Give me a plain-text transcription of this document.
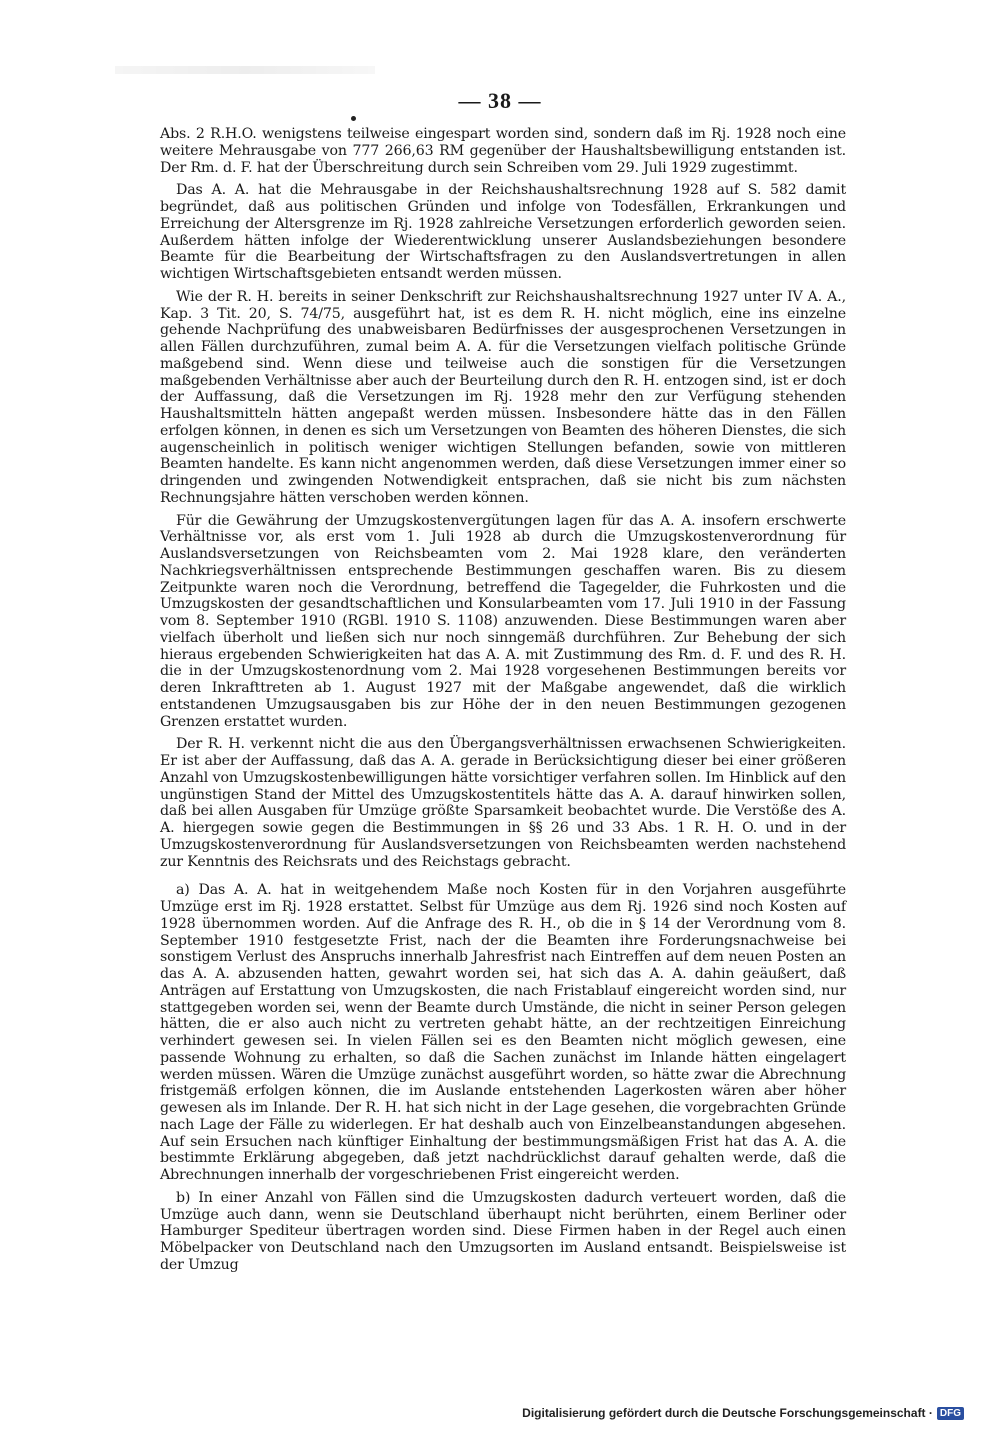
— 38 —

Abs. 2 R.H.O. wenigstens teilweise eingespart worden sind, sondern daß im Rj. 1928 noch eine weitere Mehrausgabe von 777 266,63 RM gegenüber der Haushaltsbewilligung entstanden ist. Der Rm. d. F. hat der Überschreitung durch sein Schreiben vom 29. Juli 1929 zugestimmt.

Das A. A. hat die Mehrausgabe in der Reichshaushaltsrechnung 1928 auf S. 582 damit begründet, daß aus politischen Gründen und infolge von Todesfällen, Erkrankungen und Erreichung der Altersgrenze im Rj. 1928 zahlreiche Versetzungen erforderlich geworden seien. Außerdem hätten infolge der Wiederentwicklung unserer Auslandsbeziehungen besondere Beamte für die Bearbeitung der Wirtschaftsfragen zu den Auslandsvertretungen in allen wichtigen Wirtschaftsgebieten entsandt werden müssen.

Wie der R. H. bereits in seiner Denkschrift zur Reichshaushaltsrechnung 1927 unter IV A. A., Kap. 3 Tit. 20, S. 74/75, ausgeführt hat, ist es dem R. H. nicht möglich, eine ins einzelne gehende Nachprüfung des unabweisbaren Bedürfnisses der ausgesprochenen Versetzungen in allen Fällen durchzuführen, zumal beim A. A. für die Versetzungen vielfach politische Gründe maßgebend sind. Wenn diese und teilweise auch die sonstigen für die Versetzungen maßgebenden Verhältnisse aber auch der Beurteilung durch den R. H. entzogen sind, ist er doch der Auffassung, daß die Versetzungen im Rj. 1928 mehr den zur Verfügung stehenden Haushaltsmitteln hätten angepaßt werden müssen. Insbesondere hätte das in den Fällen erfolgen können, in denen es sich um Versetzungen von Beamten des höheren Dienstes, die sich augenscheinlich in politisch weniger wichtigen Stellungen befanden, sowie von mittleren Beamten handelte. Es kann nicht angenommen werden, daß diese Versetzungen immer einer so dringenden und zwingenden Notwendigkeit entsprachen, daß sie nicht bis zum nächsten Rechnungsjahre hätten verschoben werden können.

Für die Gewährung der Umzugskostenvergütungen lagen für das A. A. insofern erschwerte Verhältnisse vor, als erst vom 1. Juli 1928 ab durch die Umzugskostenverordnung für Auslandsversetzungen von Reichsbeamten vom 2. Mai 1928 klare, den veränderten Nachkriegsverhältnissen entsprechende Bestimmungen geschaffen waren. Bis zu diesem Zeitpunkte waren noch die Verordnung, betreffend die Tagegelder, die Fuhrkosten und die Umzugskosten der gesandtschaftlichen und Konsularbeamten vom 17. Juli 1910 in der Fassung vom 8. September 1910 (RGBl. 1910 S. 1108) anzuwenden. Diese Bestimmungen waren aber vielfach überholt und ließen sich nur noch sinngemäß durchführen. Zur Behebung der sich hieraus ergebenden Schwierigkeiten hat das A. A. mit Zustimmung des Rm. d. F. und des R. H. die in der Umzugskostenordnung vom 2. Mai 1928 vorgesehenen Bestimmungen bereits vor deren Inkrafttreten ab 1. August 1927 mit der Maßgabe angewendet, daß die wirklich entstandenen Umzugsausgaben bis zur Höhe der in den neuen Bestimmungen gezogenen Grenzen erstattet wurden.

Der R. H. verkennt nicht die aus den Übergangsverhältnissen erwachsenen Schwierigkeiten. Er ist aber der Auffassung, daß das A. A. gerade in Berücksichtigung dieser bei einer größeren Anzahl von Umzugskostenbewilligungen hätte vorsichtiger verfahren sollen. Im Hinblick auf den ungünstigen Stand der Mittel des Umzugskostentitels hätte das A. A. darauf hinwirken sollen, daß bei allen Ausgaben für Umzüge größte Sparsamkeit beobachtet wurde. Die Verstöße des A. A. hiergegen sowie gegen die Bestimmungen in §§ 26 und 33 Abs. 1 R. H. O. und in der Umzugskostenverordnung für Auslandsversetzungen von Reichsbeamten werden nachstehend zur Kenntnis des Reichsrats und des Reichstags gebracht.

a) Das A. A. hat in weitgehendem Maße noch Kosten für in den Vorjahren ausgeführte Umzüge erst im Rj. 1928 erstattet. Selbst für Umzüge aus dem Rj. 1926 sind noch Kosten auf 1928 übernommen worden. Auf die Anfrage des R. H., ob die in § 14 der Verordnung vom 8. September 1910 festgesetzte Frist, nach der die Beamten ihre Forderungsnachweise bei sonstigem Verlust des Anspruchs innerhalb Jahresfrist nach Eintreffen auf dem neuen Posten an das A. A. abzusenden hatten, gewahrt worden sei, hat sich das A. A. dahin geäußert, daß Anträgen auf Erstattung von Umzugskosten, die nach Fristablauf eingereicht worden sind, nur stattgegeben worden sei, wenn der Beamte durch Umstände, die nicht in seiner Person gelegen hätten, die er also auch nicht zu vertreten gehabt hätte, an der rechtzeitigen Einreichung verhindert gewesen sei. In vielen Fällen sei es den Beamten nicht möglich gewesen, eine passende Wohnung zu erhalten, so daß die Sachen zunächst im Inlande hätten eingelagert werden müssen. Wären die Umzüge zunächst ausgeführt worden, so hätte zwar die Abrechnung fristgemäß erfolgen können, die im Auslande entstehenden Lagerkosten wären aber höher gewesen als im Inlande. Der R. H. hat sich nicht in der Lage gesehen, die vorgebrachten Gründe nach Lage der Fälle zu widerlegen. Er hat deshalb auch von Einzelbeanstandungen abgesehen. Auf sein Ersuchen nach künftiger Einhaltung der bestimmungsmäßigen Frist hat das A. A. die bestimmte Erklärung abgegeben, daß jetzt nachdrücklichst darauf gehalten werde, daß die Abrechnungen innerhalb der vorgeschriebenen Frist eingereicht werden.

b) In einer Anzahl von Fällen sind die Umzugskosten dadurch verteuert worden, daß die Umzüge auch dann, wenn sie Deutschland überhaupt nicht berührten, einem Berliner oder Hamburger Spediteur übertragen worden sind. Diese Firmen haben in der Regel auch einen Möbelpacker von Deutschland nach den Umzugsorten im Ausland entsandt. Beispielsweise ist der Umzug

Digitalisierung gefördert durch die Deutsche Forschungsgemeinschaft · DFG
